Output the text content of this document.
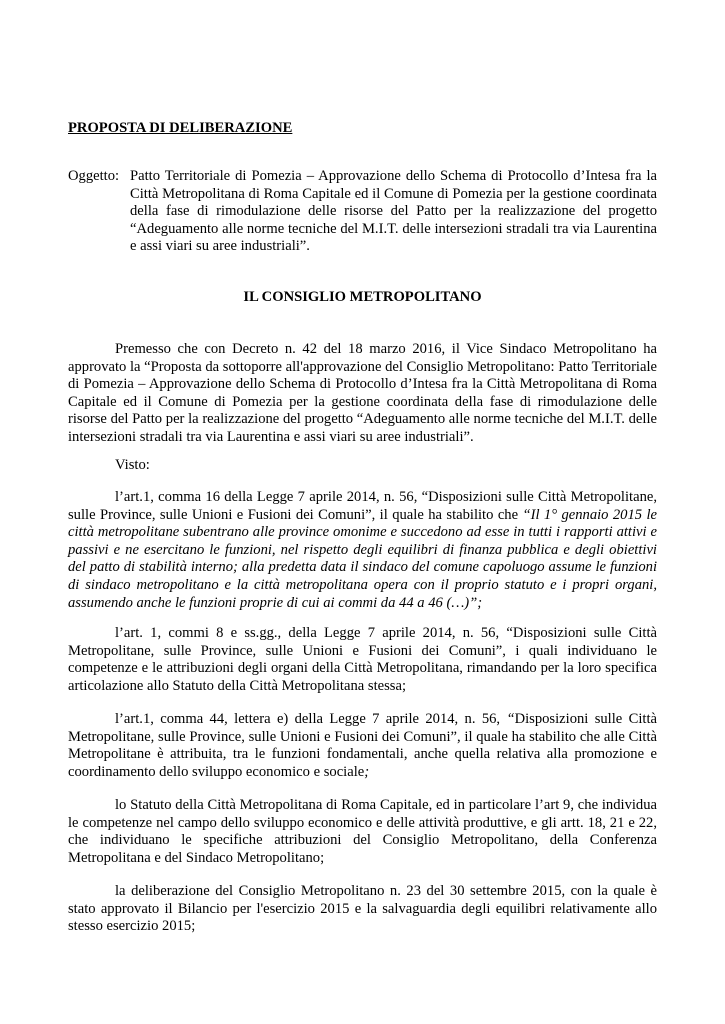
PROPOSTA DI DELIBERAZIONE
Oggetto: Patto Territoriale di Pomezia – Approvazione dello Schema di Protocollo d’Intesa fra la Città Metropolitana di Roma Capitale ed il Comune di Pomezia per la gestione coordinata della fase di rimodulazione delle risorse del Patto per la realizzazione del progetto “Adeguamento alle norme tecniche del M.I.T. delle intersezioni stradali tra via Laurentina e assi viari su aree industriali”.
IL CONSIGLIO METROPOLITANO

Premesso che con Decreto n. 42 del 18 marzo 2016, il Vice Sindaco Metropolitano ha approvato la “Proposta da sottoporre all'approvazione del Consiglio Metropolitano: Patto Territoriale di Pomezia – Approvazione dello Schema di Protocollo d’Intesa fra la Città Metropolitana di Roma Capitale ed il Comune di Pomezia per la gestione coordinata della fase di rimodulazione delle risorse del Patto per la realizzazione del progetto “Adeguamento alle norme tecniche del M.I.T. delle intersezioni stradali tra via Laurentina e assi viari su aree industriali”.

Visto:

l’art.1, comma 16 della Legge 7 aprile 2014, n. 56, “Disposizioni sulle Città Metropolitane, sulle Province, sulle Unioni e Fusioni dei Comuni”, il quale ha stabilito che “Il 1° gennaio 2015 le città metropolitane subentrano alle province omonime e succedono ad esse in tutti i rapporti attivi e passivi e ne esercitano le funzioni, nel rispetto degli equilibri di finanza pubblica e degli obiettivi del patto di stabilità interno; alla predetta data il sindaco del comune capoluogo assume le funzioni di sindaco metropolitano e la città metropolitana opera con il proprio statuto e i propri organi, assumendo anche le funzioni proprie di cui ai commi da 44 a 46 (…)”;

l’art. 1, commi 8 e ss.gg., della Legge 7 aprile 2014, n. 56, “Disposizioni sulle Città Metropolitane, sulle Province, sulle Unioni e Fusioni dei Comuni”, i quali individuano le competenze e le attribuzioni degli organi della Città Metropolitana, rimandando per la loro specifica articolazione allo Statuto della Città Metropolitana stessa;

l’art.1, comma 44, lettera e) della Legge 7 aprile 2014, n. 56, “Disposizioni sulle Città Metropolitane, sulle Province, sulle Unioni e Fusioni dei Comuni”, il quale ha stabilito che alle Città Metropolitane è attribuita, tra le funzioni fondamentali, anche quella relativa alla promozione e coordinamento dello sviluppo economico e sociale;

lo Statuto della Città Metropolitana di Roma Capitale, ed in particolare l’art 9, che individua le competenze nel campo dello sviluppo economico e delle attività produttive, e gli artt. 18, 21 e 22, che individuano le specifiche attribuzioni del Consiglio Metropolitano, della Conferenza Metropolitana e del Sindaco Metropolitano;

la deliberazione del Consiglio Metropolitano n. 23 del 30 settembre 2015, con la quale è stato approvato il Bilancio per l'esercizio 2015 e la salvaguardia degli equilibri relativamente allo stesso esercizio 2015;
